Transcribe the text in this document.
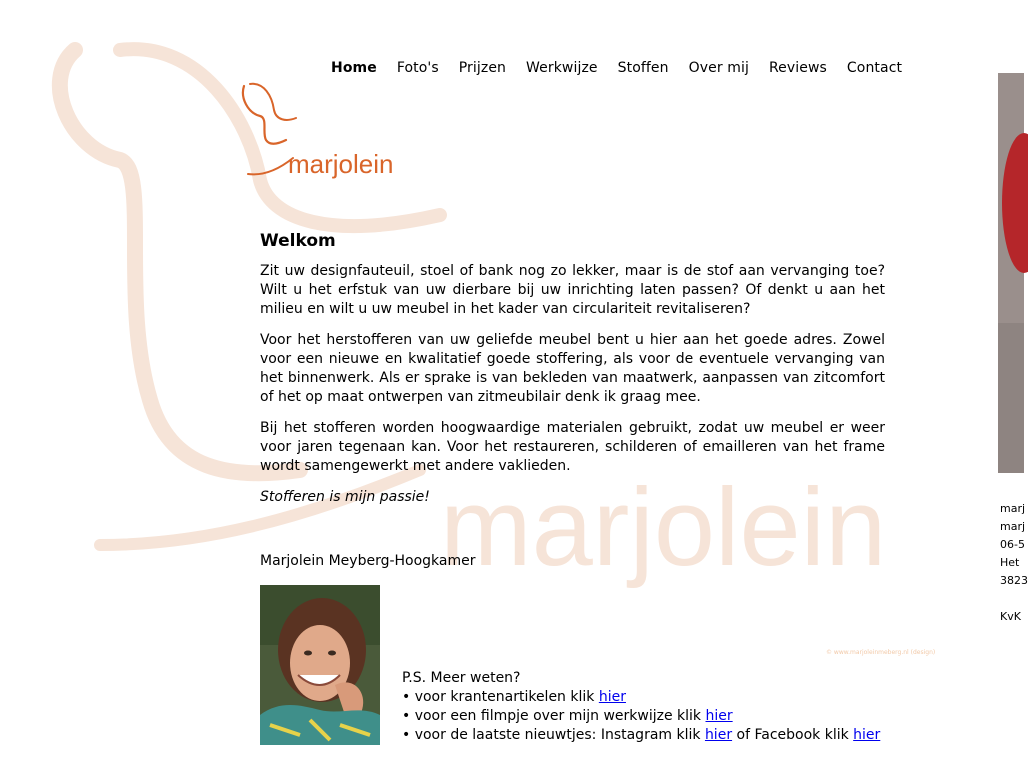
marjolein
Home Foto's Prijzen Werkwijze Stoffen Over mij Reviews Contact
marjolein
Welkom

Zit uw designfauteuil, stoel of bank nog zo lekker, maar is de stof aan vervanging toe? Wilt u het erfstuk van uw dierbare bij uw inrichting laten passen? Of denkt u aan het milieu en wilt u uw meubel in het kader van circulariteit revitaliseren?

Voor het herstofferen van uw geliefde meubel bent u hier aan het goede adres. Zowel voor een nieuwe en kwalitatief goede stoffering, als voor de eventuele vervanging van het binnenwerk. Als er sprake is van bekleden van maatwerk, aanpassen van zitcomfort of het op maat ontwerpen van zitmeubilair denk ik graag mee.

Bij het stofferen worden hoogwaardige materialen gebruikt, zodat uw meubel er weer voor jaren tegenaan kan. Voor het restaureren, schilderen of emailleren van het frame wordt samengewerkt met andere vaklieden.

Stofferen is mijn passie!

Marjolein Meyberg-Hoogkamer
P.S. Meer weten?
• voor krantenartikelen klik hier
• voor een filmpje over mijn werkwijze klik hier
• voor de laatste nieuwtjes: Instagram klik hier of Facebook klik hier
© www.marjoleinmeberg.nl (design)
marj
marj
06-5
Het
3823

KvK
